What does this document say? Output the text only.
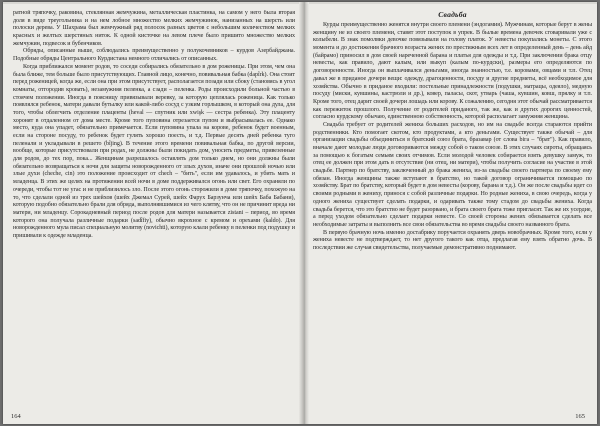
ратной тряпочку, раковина, стеклянная жемчужина, металлическая пластинка, на самом у него была вторая доля в виде треугольника и на нем лобное множество мелких жемчужинок, нанизанных на шерсть или полоски дерева. У Шахрама был жемчужный ряд полосок разных цветов с небольшим количеством мелких красных и желтых шерстяных ниток. К одной кисточке на левом плече было пришито множество мелких жемчужин, подвесок и бубенчиков.

Обряды, описанные выше, соблюдались преимущественно у полукочевников – курдов Азербайджана. Подобные обряды Центрального Курдистана немного отличались от описанных.

Когда приближался момент родов, то соседи собирались обязательно в дом роженицы. При этом, чем она была ближе, тем больше было присутствующих. Главной лицо, конечно, повивальная бабка (dapîrk). Она стоит перед роженицей, когда же, если она при этом присутствует, располагается позади или сбоку (становясь в угол комнаты, отгородив кровать), незамужняя пеленка, а сзади – пеленка. Роды происходили больной частью в стоячем положении. Иногда в поясницу привязывали веревку, за которую цеплялась роженица. Как только появлялся ребенок, матери давали бутылку или какой-либо сосуд с узким горлышком, в который она дула, для того, чтобы облегчить отделение плаценты (heval — спутник или xwişk — сестра ребенка). Эту плаценту хоронят в отдаленном от дома месте. Кроме того пуповина отрезается пупом и выбрасывалась ее. Однако место, куда она упадет, обязательно примечается. Если пуповина упала на корове, ребенок будет военным, если на стороне посуду, то ребенок будет гулять хорошо поесть, и т.д. Первые десять дней ребенка туго пеленали и укладывали в решето (bîjing). В течение этого времени повивальная бабка, по другой версии, вообще, которые присутствовали при родах, не должны были покидать дом, уносить предметы, привезенные для родов, до тех пор, пока... Женщинам разрешалось оставлять дом только днем, но они должны были обязательно возвращаться к ночи для защиты новорожденного от злых духов, иначе они прошлой ночью или злые духи (cheche, cin) это положение происходит от сheсh – "бить", если им удавалось, и убить мать и младенца. В этих же целях на протяжении всей ночи в доме поддерживался огонь или свет. Его охраняли по очереди, чтобы тот не угас и не приблизилось зло. После этого огонь сторожили в доме тряпочку, похожую на то, что сделали одной из трех шейхов (шейх Джемал Сурей, шейх Фарух Барзунча или шейх Баба Бабани), которую подобно обязательно брали для обряда, выполнявшимися из чего клятву, что он не причинит вреда ни матери, ни младенцу. Сорокадневный период после родов для матери называется zistani – период, во время которого она получала различные подарки (sadîfiy), обычно вкрохное с кремом и орехами (kaldo). Для новорожденного мула писал специальную молитву (novichti), которую клали ребенку в пеленки под подушку и пришивали к одежде младенца.

164
Свадьба

Курды преимущественно женятся внутри своего племени (эндогамия). Мужчинам, которые берут в жены женщину не из своего племени, ставят этот поступок в упрек. В былые времена девочек сговаривали уже с колыбели. В знак помолвки девочке повязывали на голову платок. У невесты покупались монеты. С этого момента и до достижения брачного возраста жених по престижным всех лет в определенный день – день айд (байрамо) приносил в дом своей нареченной барана и платья для одежды и т.д. При заключении брака отцу невесты, как правило, дают калым, или выкуп (калым по-курдски), размеры его определяются по договоренности. Иногда он выплачивался деньгами, иногда знанностью, т.е. коровами, овцами и т.п. Отец давал же в приданое дочери вещи: одежду, драгоценности, посуду и другие предметы, всё необходимое для хозяйства. Обычно в приданое входили: постельные принадлежности (подушки, матрацы, одеяло), медную посуду (миски, кувшины, кастрюли и др.), ковер, паласы, скот, утварь (чаша, кувшин, ковш, прялку и т.п. Кроме того, отец дарит своей дочери лошадь или корову. К сожалению, сегодня этот обычай рассматривается как пережиток прошлого. Получение от родителей приданого, так же, как и других дорогих ценностей, согласно курдскому обычаю, единственною собственность, которой располагает замужняя женщина.

Свадьба требует от родителей жениха больших расходов, но им на свадьбе всегда стараются прийти родственники. Кто помогает скотом, кто продуктами, а кто деньгами. Существует также обычай – для организации свадьбы объединиться в братский союз брата, бразавар (от слова biгa – "брат"). Как правило, вначале дают молодые люди договориваются между собой о таком союзе. В этих случаях сироты, обращаясь за помощью к богатым семьям своих отчимов. Если молодой человек собирается взять девушку замуж, то отец ее должен при этом дать в отсутствие (ни отец, ни матери), чтобы получить согласие на участие в этой свадьбе. Партнер по братству, заключенный до брака жениха, из-за свадьбы своего партнера по своему ему обязан. Иногда женщины также вступают в братство, но такой договор ограничивается помощью по хозяйству. Брат по братству, который будет в дом невесты (корову, барана и т.д.). Он же после свадьбы идет со своими родными в жениху, принося с собой различные подарки. Но родные жениха, в свою очередь, когда у одного жениха существует сделать подарки, и одаривать также тому стадом до свадьбы жениха. Когда свадьба берется, что это братство не будет разорвано, и брата своего брата тоже пригласят. Так же их усердие, а перед уходом обязательно сделает подарки невесте. Со своей стороны жених обязывается сделать все необходимые затраты и выполнить все свои обязательства во время свадьбы своего названного брата.

В первую брачную ночь именно достабрику поручается охранять дверь новобрачных. Кроме того, если у жениха невесте не подтверждает, то нет другого такого как отца, предлагая ему взять обратно дочь. В последствии же случая свидетельства, получаемые демонстративно поднимают.

165
